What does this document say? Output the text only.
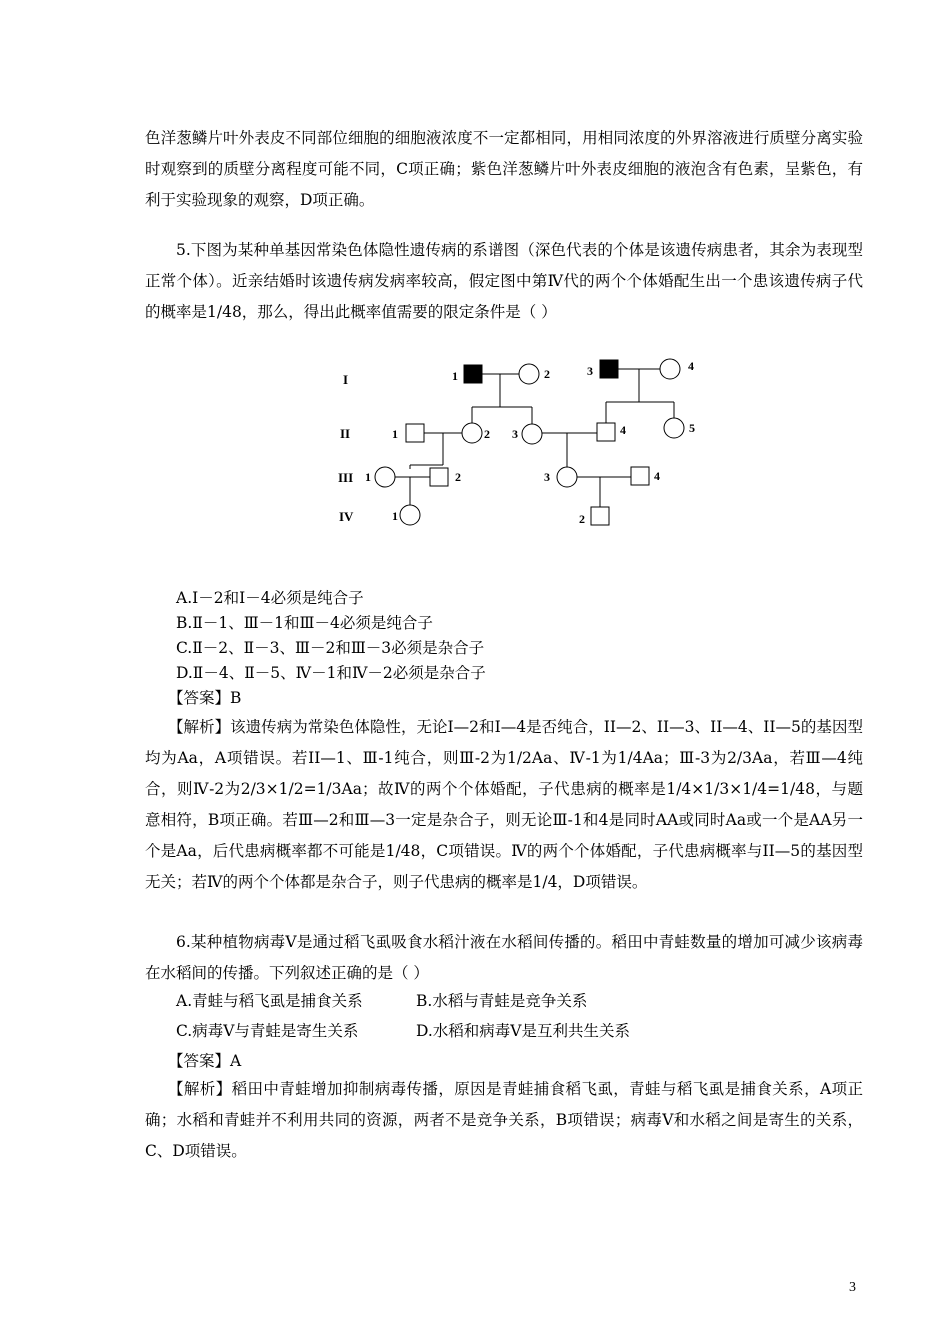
色洋葱鳞片叶外表皮不同部位细胞的细胞液浓度不一定都相同，用相同浓度的外界溶液进行质壁分离实验时观察到的质壁分离程度可能不同，C项正确；紫色洋葱鳞片叶外表皮细胞的液泡含有色素，呈紫色，有利于实验现象的观察，D项正确。

5.下图为某种单基因常染色体隐性遗传病的系谱图（深色代表的个体是该遗传病患者，其余为表现型正常个体）。近亲结婚时该遗传病发病率较高，假定图中第Ⅳ代的两个个体婚配生出一个患该遗传病子代的概率是1/48，那么，得出此概率值需要的限定条件是（ ）

I
II
III
IV
1	2	3	4
1	2 3	4	5
1	2	3	4
1	2
A.Ⅰ－2和Ⅰ－4必须是纯合子
B.Ⅱ－1、Ⅲ－1和Ⅲ－4必须是纯合子
C.Ⅱ－2、Ⅱ－3、Ⅲ－2和Ⅲ－3必须是杂合子
D.Ⅱ－4、Ⅱ－5、Ⅳ－1和Ⅳ－2必须是杂合子
【答案】B

【解析】该遗传病为常染色体隐性，无论I—2和I—4是否纯合，II—2、II—3、II—4、II—5的基因型均为Aa，A项错误。若II—1、Ⅲ-1纯合，则Ⅲ-2为1/2Aa、Ⅳ-1为1/4Aa；Ⅲ-3为2/3Aa，若Ⅲ—4纯合，则Ⅳ-2为2/3×1/2=1/3Aa；故Ⅳ的两个个体婚配，子代患病的概率是1/4×1/3×1/4=1/48，与题意相符，B项正确。若Ⅲ—2和Ⅲ—3一定是杂合子，则无论Ⅲ-1和4是同时AA或同时Aa或一个是AA另一个是Aa，后代患病概率都不可能是1/48，C项错误。Ⅳ的两个个体婚配，子代患病概率与II—5的基因型无关；若Ⅳ的两个个体都是杂合子，则子代患病的概率是1/4，D项错误。

6.某种植物病毒V是通过稻飞虱吸食水稻汁液在水稻间传播的。稻田中青蛙数量的增加可减少该病毒在水稻间的传播。下列叙述正确的是（ ）

A.青蛙与稻飞虱是捕食关系	B.水稻与青蛙是竞争关系
C.病毒V与青蛙是寄生关系	D.水稻和病毒V是互利共生关系
【答案】A

【解析】稻田中青蛙增加抑制病毒传播，原因是青蛙捕食稻飞虱，青蛙与稻飞虱是捕食关系，A项正确；水稻和青蛙并不利用共同的资源，两者不是竞争关系，B项错误；病毒V和水稻之间是寄生的关系，C、D项错误。

3
